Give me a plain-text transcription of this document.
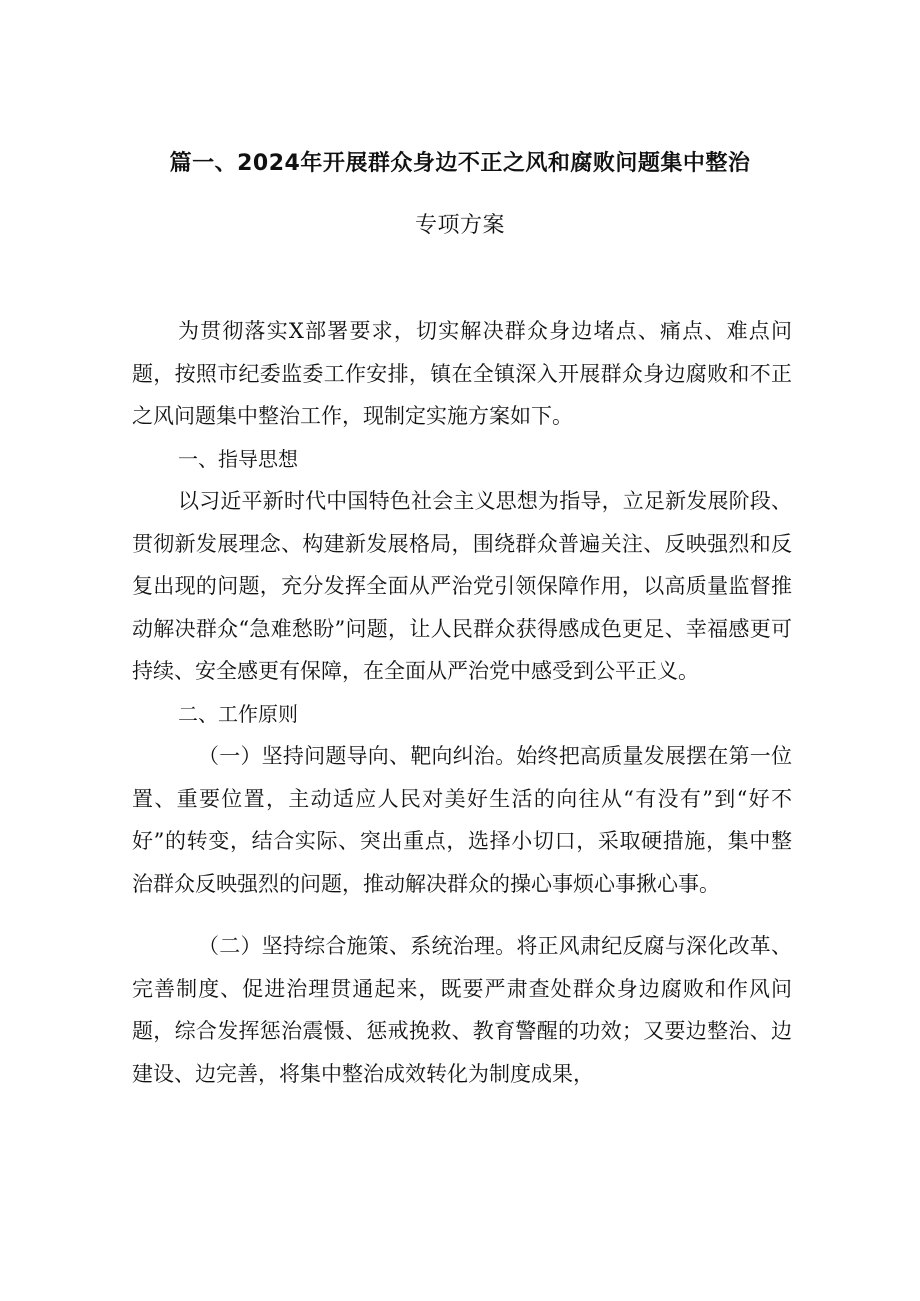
篇一、2024年开展群众身边不正之风和腐败问题集中整治
专项方案

为贯彻落实X部署要求，切实解决群众身边堵点、痛点、难点问题，按照市纪委监委工作安排，镇在全镇深入开展群众身边腐败和不正之风问题集中整治工作，现制定实施方案如下。

一、指导思想

以习近平新时代中国特色社会主义思想为指导，立足新发展阶段、贯彻新发展理念、构建新发展格局，围绕群众普遍关注、反映强烈和反复出现的问题，充分发挥全面从严治党引领保障作用，以高质量监督推动解决群众“急难愁盼”问题，让人民群众获得感成色更足、幸福感更可持续、安全感更有保障，在全面从严治党中感受到公平正义。

二、工作原则

（一）坚持问题导向、靶向纠治。始终把高质量发展摆在第一位置、重要位置，主动适应人民对美好生活的向往从“有没有”到“好不好”的转变，结合实际、突出重点，选择小切口，采取硬措施，集中整治群众反映强烈的问题，推动解决群众的操心事烦心事揪心事。

（二）坚持综合施策、系统治理。将正风肃纪反腐与深化改革、完善制度、促进治理贯通起来，既要严肃查处群众身边腐败和作风问题，综合发挥惩治震慑、惩戒挽救、教育警醒的功效；又要边整治、边建设、边完善，将集中整治成效转化为制度成果，
